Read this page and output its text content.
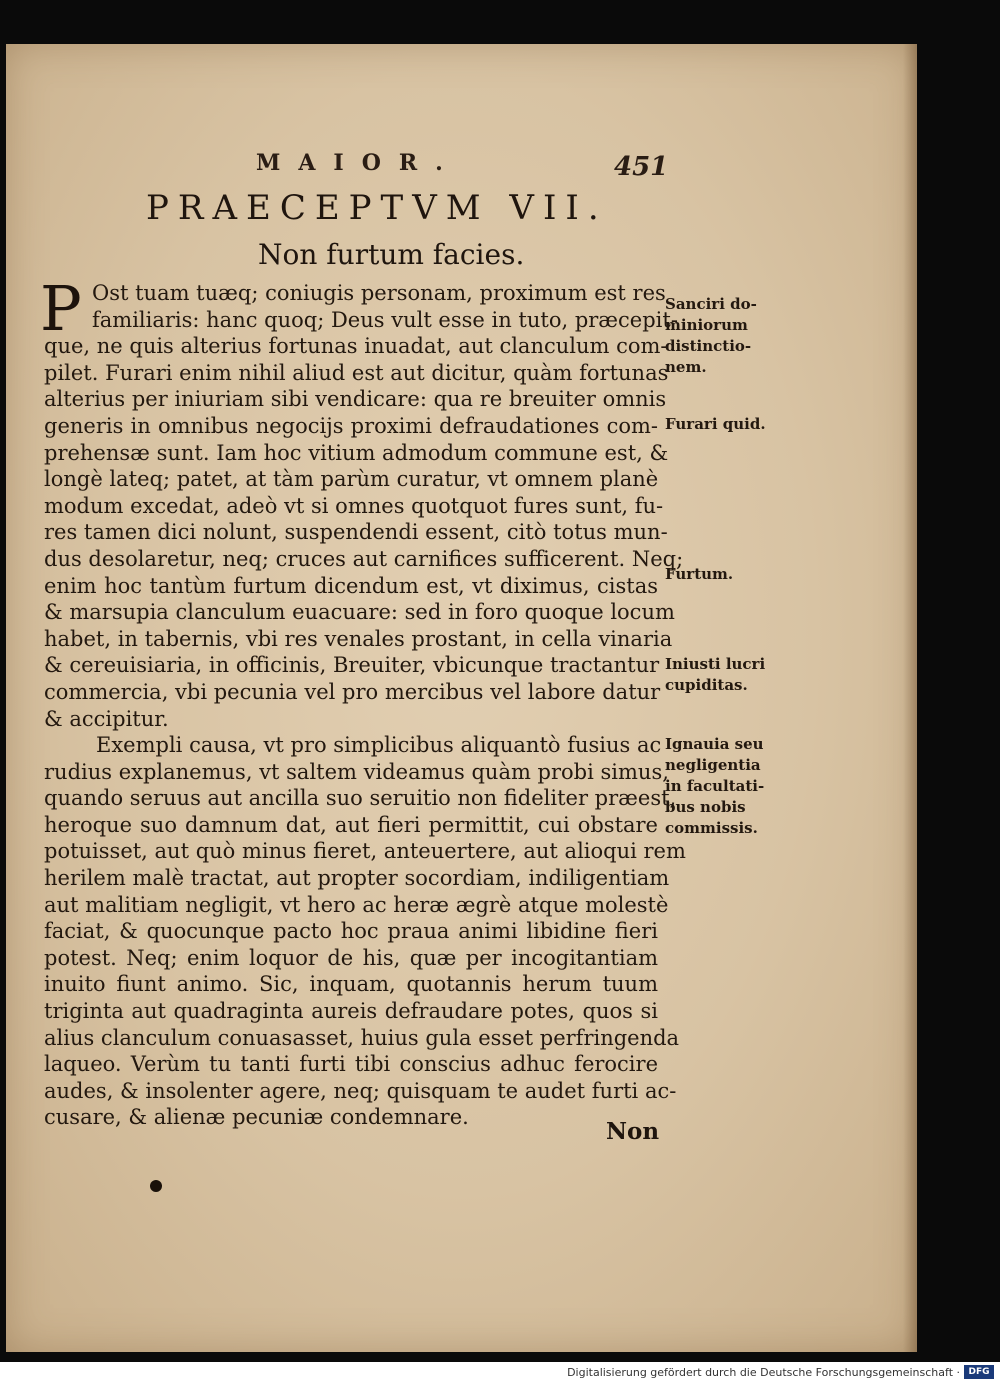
MAIOR.	451
PRAECEPTVM VII.
Non furtum facies.
P Ost tuam tuæq; coniugis personam, proximum est res
familiaris: hanc quoq; Deus vult esse in tuto, præcepit-
que, ne quis alterius fortunas inuadat, aut clanculum com-
pilet. Furari enim nihil aliud est aut dicitur, quàm fortunas
alterius per iniuriam sibi vendicare: qua re breuiter omnis
generis in omnibus negocijs proximi defraudationes com-
prehensæ sunt. Iam hoc vitium admodum commune est, &
longè lateq; patet, at tàm parùm curatur, vt omnem planè
modum excedat, adeò vt si omnes quotquot fures sunt, fu-
res tamen dici nolunt, suspendendi essent, citò totus mun-
dus desolaretur, neq; cruces aut carnifices sufficerent. Neq;
enim hoc tantùm furtum dicendum est, vt diximus, cistas
& marsupia clanculum euacuare: sed in foro quoque locum
habet, in tabernis, vbi res venales prostant, in cella vinaria
& cereuisiaria, in officinis, Breuiter, vbicunque tractantur
commercia, vbi pecunia vel pro mercibus vel labore datur
& accipitur.
Exempli causa, vt pro simplicibus aliquantò fusius ac
rudius explanemus, vt saltem videamus quàm probi simus,
quando seruus aut ancilla suo seruitio non fideliter præest,
heroque suo damnum dat, aut fieri permittit, cui obstare
potuisset, aut quò minus fieret, anteuertere, aut alioqui rem
herilem malè tractat, aut propter socordiam, indiligentiam
aut malitiam negligit, vt hero ac heræ ægrè atque molestè
faciat, & quocunque pacto hoc praua animi libidine fieri
potest. Neq; enim loquor de his, quæ per incogitantiam
inuito fiunt animo. Sic, inquam, quotannis herum tuum
triginta aut quadraginta aureis defraudare potes, quos si
alius clanculum conuasasset, huius gula esset perfringenda
laqueo. Verùm tu tanti furti tibi conscius adhuc ferocire
audes, & insolenter agere, neq; quisquam te audet furti ac-
cusare, & alienæ pecuniæ condemnare.
Sanciri do-
miniorum
distinctio-
nem.
Furari quid.
Furtum.
Iniusti lucri
cupiditas.
Ignauia seu
negligentia
in facultati-
bus nobis
commissis.
Non
Digitalisierung gefördert durch die Deutsche Forschungsgemeinschaft · DFG
